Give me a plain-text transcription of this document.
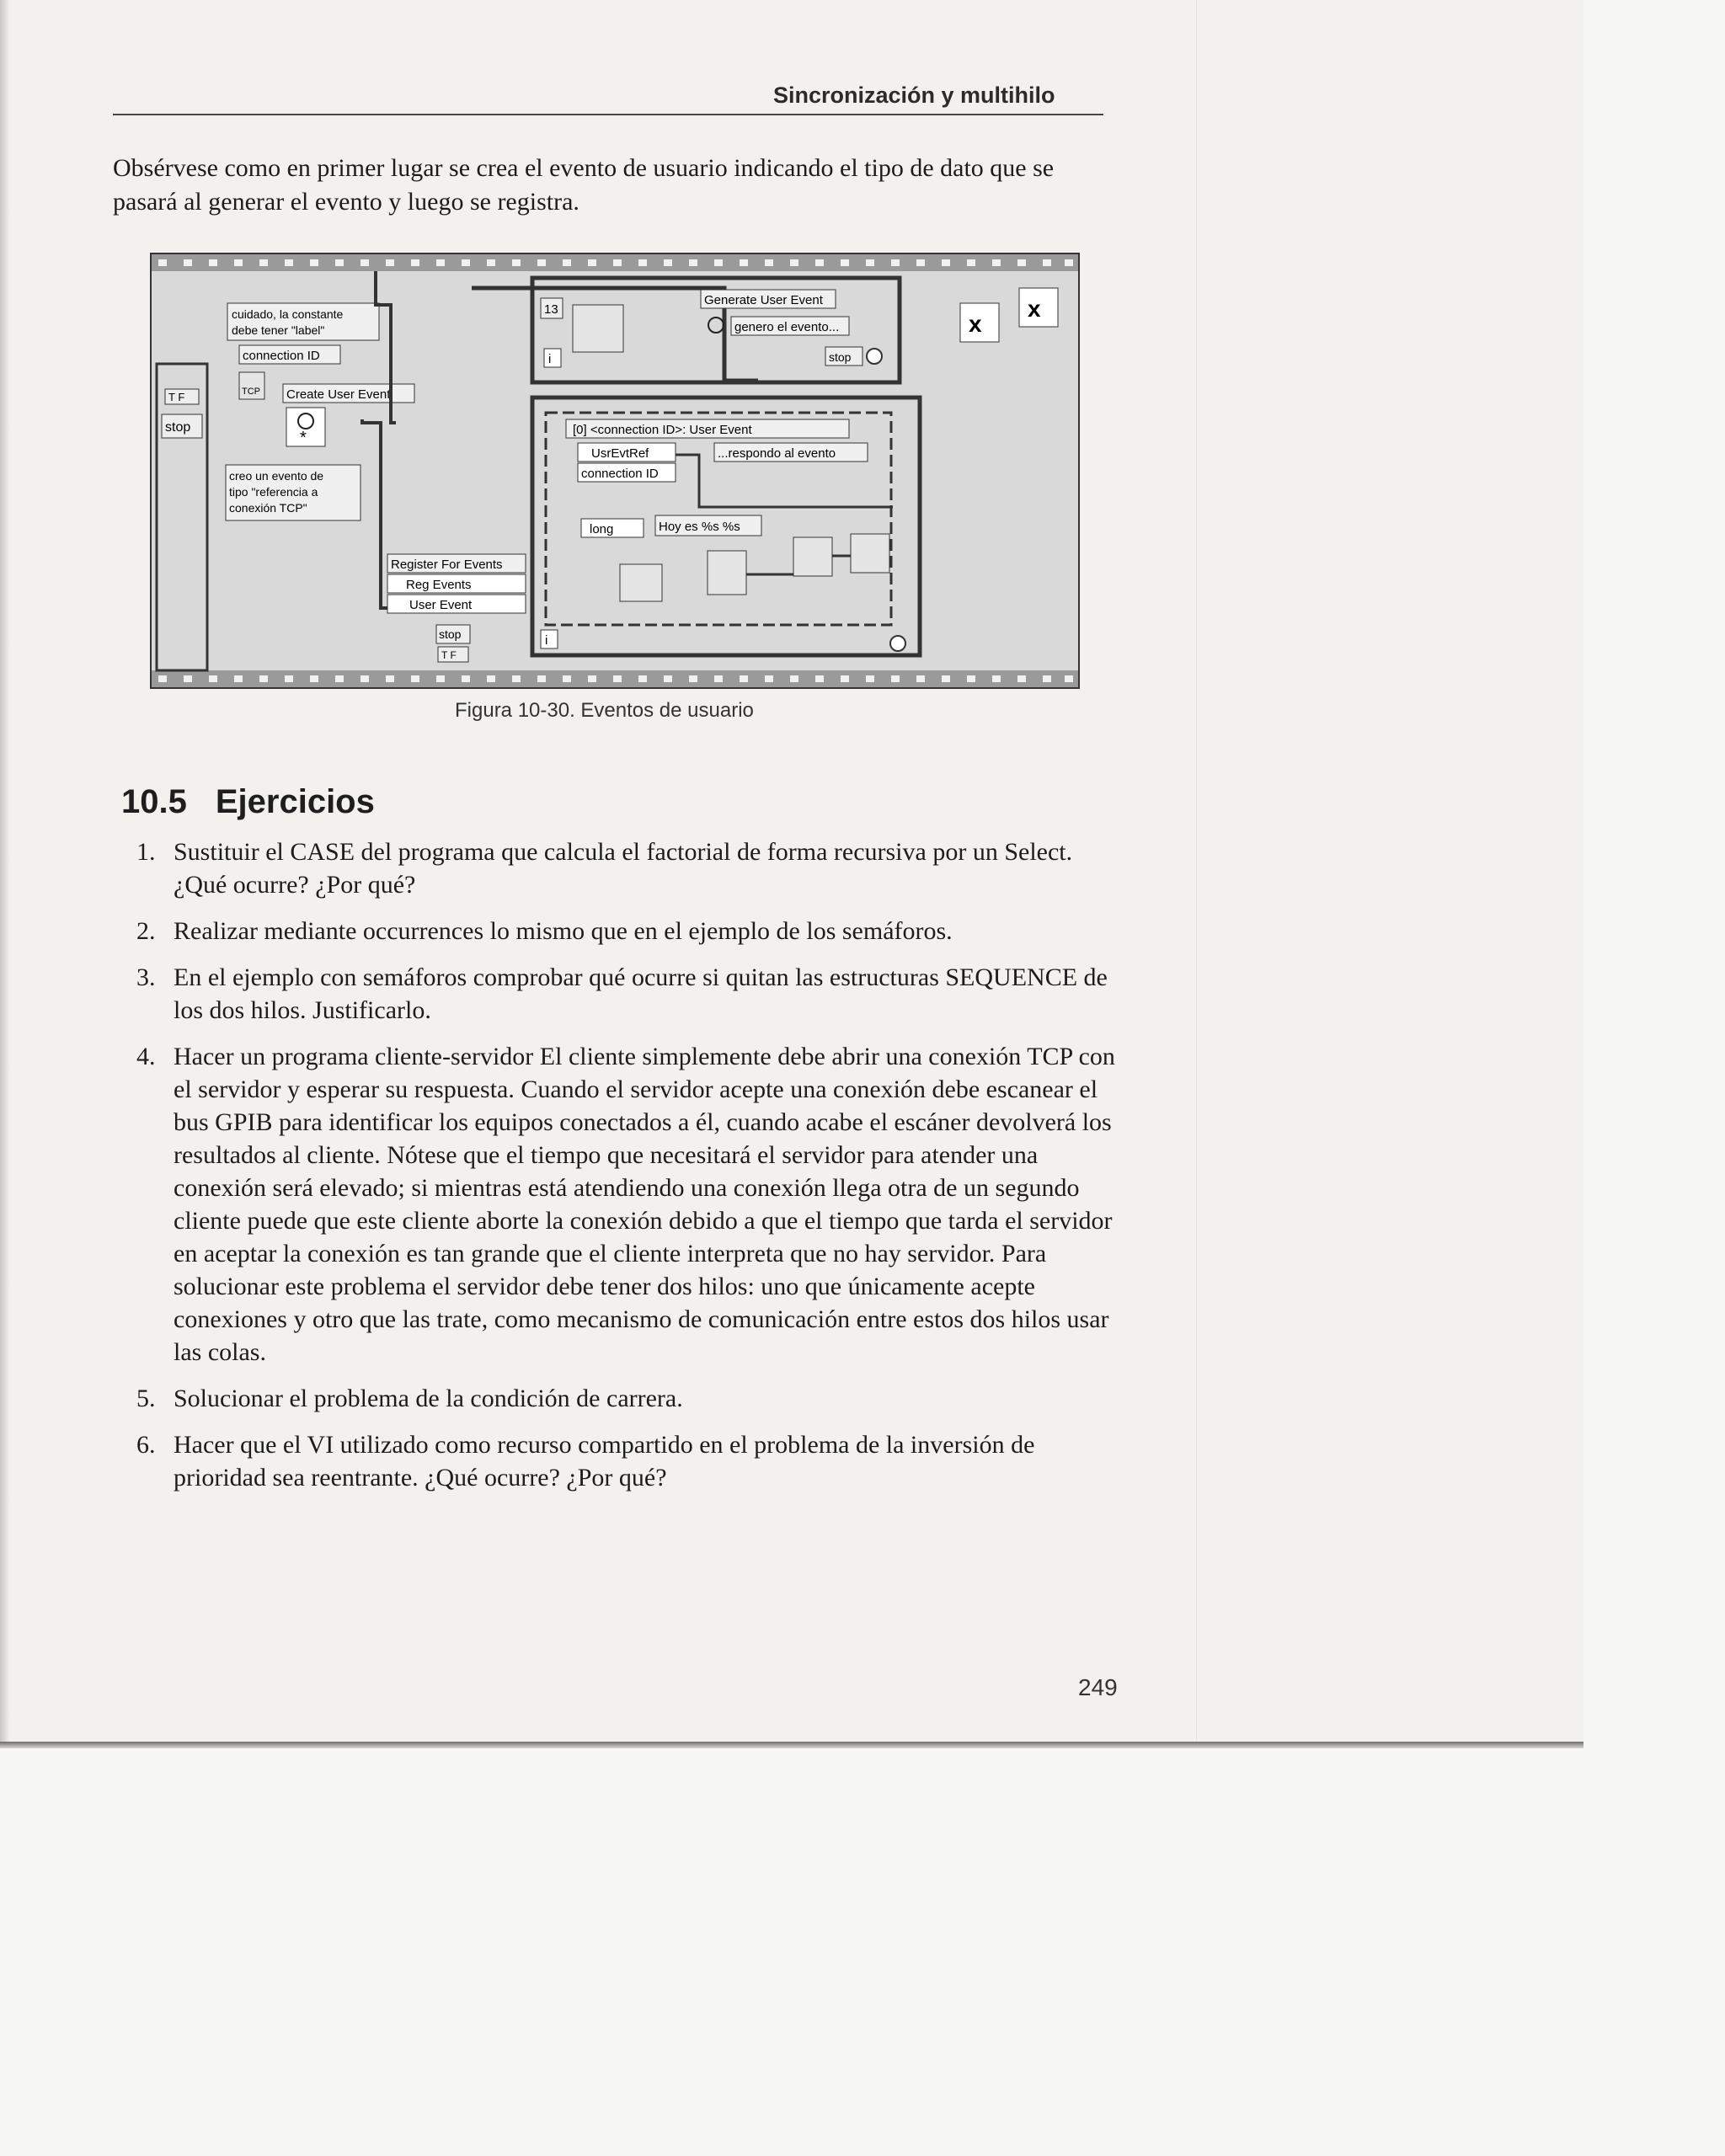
Sincronización y multihilo

Obsérvese como en primer lugar se crea el evento de usuario indicando el tipo de dato que se pasará al generar el evento y luego se registra.

T F
stop
cuidado, la constante
debe tener "label"
connection ID
TCP Create User Event
*
creo un evento de
tipo "referencia a
conexión TCP"
Register For Events
Reg Events
User Event
stop
T F
13
Generate User Event
genero el evento...
i	stop
x
x
[0] <connection ID>: User Event
UsrEvtRef
connection ID
...respondo al evento
long	Hoy es %s %s
i
Figura 10-30. Eventos de usuario
10.5 Ejercicios
1. Sustituir el CASE del programa que calcula el factorial de forma recursiva por un Select. ¿Qué ocurre? ¿Por qué?
2. Realizar mediante occurrences lo mismo que en el ejemplo de los semáforos.
3. En el ejemplo con semáforos comprobar qué ocurre si quitan las estructuras SEQUENCE de los dos hilos. Justificarlo.
4. Hacer un programa cliente-servidor El cliente simplemente debe abrir una conexión TCP con el servidor y esperar su respuesta. Cuando el servidor acepte una conexión debe escanear el bus GPIB para identificar los equipos conectados a él, cuando acabe el escáner devolverá los resultados al cliente. Nótese que el tiempo que necesitará el servidor para atender una conexión será elevado; si mientras está atendiendo una conexión llega otra de un segundo cliente puede que este cliente aborte la conexión debido a que el tiempo que tarda el servidor en aceptar la conexión es tan grande que el cliente interpreta que no hay servidor. Para solucionar este problema el servidor debe tener dos hilos: uno que únicamente acepte conexiones y otro que las trate, como mecanismo de comunicación entre estos dos hilos usar las colas.
5. Solucionar el problema de la condición de carrera.
6. Hacer que el VI utilizado como recurso compartido en el problema de la inversión de prioridad sea reentrante. ¿Qué ocurre? ¿Por qué?
249
